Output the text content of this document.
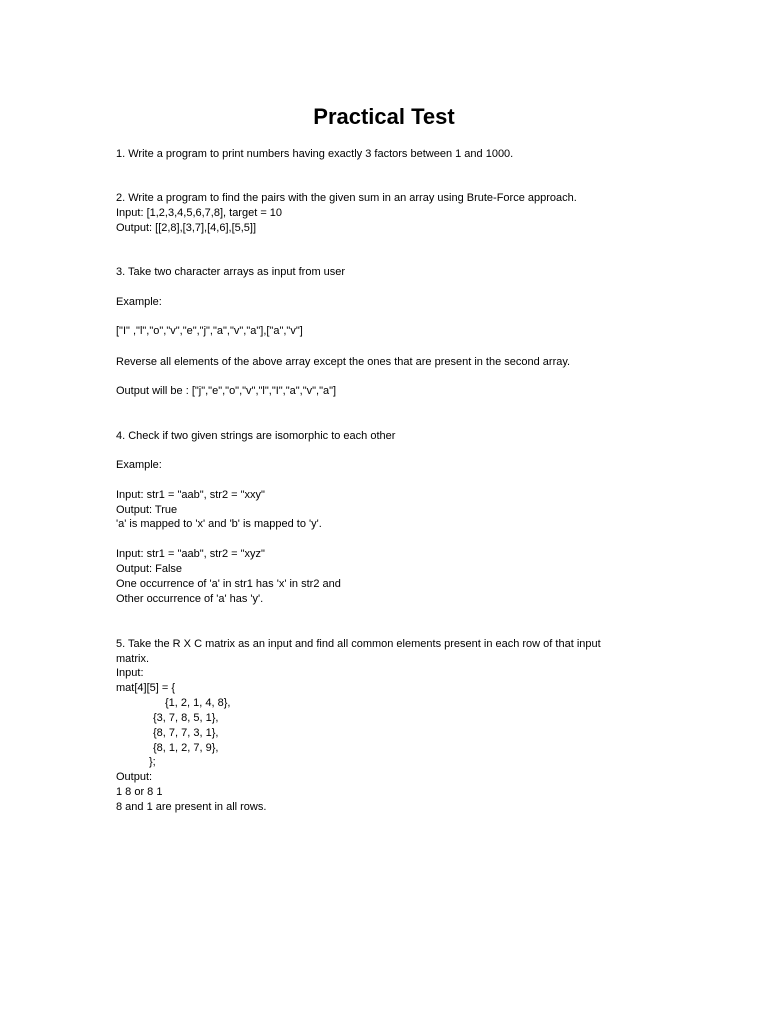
Practical Test
1. Write a program to print numbers having exactly 3 factors between 1 and 1000.
2. Write a program to find the pairs with the given sum in an array using Brute-Force approach.
Input: [1,2,3,4,5,6,7,8], target = 10
Output: [[2,8],[3,7],[4,6],[5,5]]
3. Take two character arrays as input from user
Example:
["I" ,"l","o","v","e","j","a","v","a"],["a","v"]
Reverse all elements of the above array except the ones that are present in the second array.
Output will be : ["j","e","o","v","l","I","a","v","a"]
4. Check if two given strings are isomorphic to each other
Example:
Input: str1 = "aab", str2 = "xxy"
Output: True
'a' is mapped to 'x' and 'b' is mapped to 'y'.
Input: str1 = "aab", str2 = "xyz"
Output: False
One occurrence of 'a' in str1 has 'x' in str2 and
Other occurrence of 'a' has 'y'.
5. Take the R X C matrix as an input and find all common elements present in each row of that input
matrix.
Input:
mat[4][5] = {
{1, 2, 1, 4, 8},
{3, 7, 8, 5, 1},
{8, 7, 7, 3, 1},
{8, 1, 2, 7, 9},
};
Output:
1 8 or 8 1
8 and 1 are present in all rows.
